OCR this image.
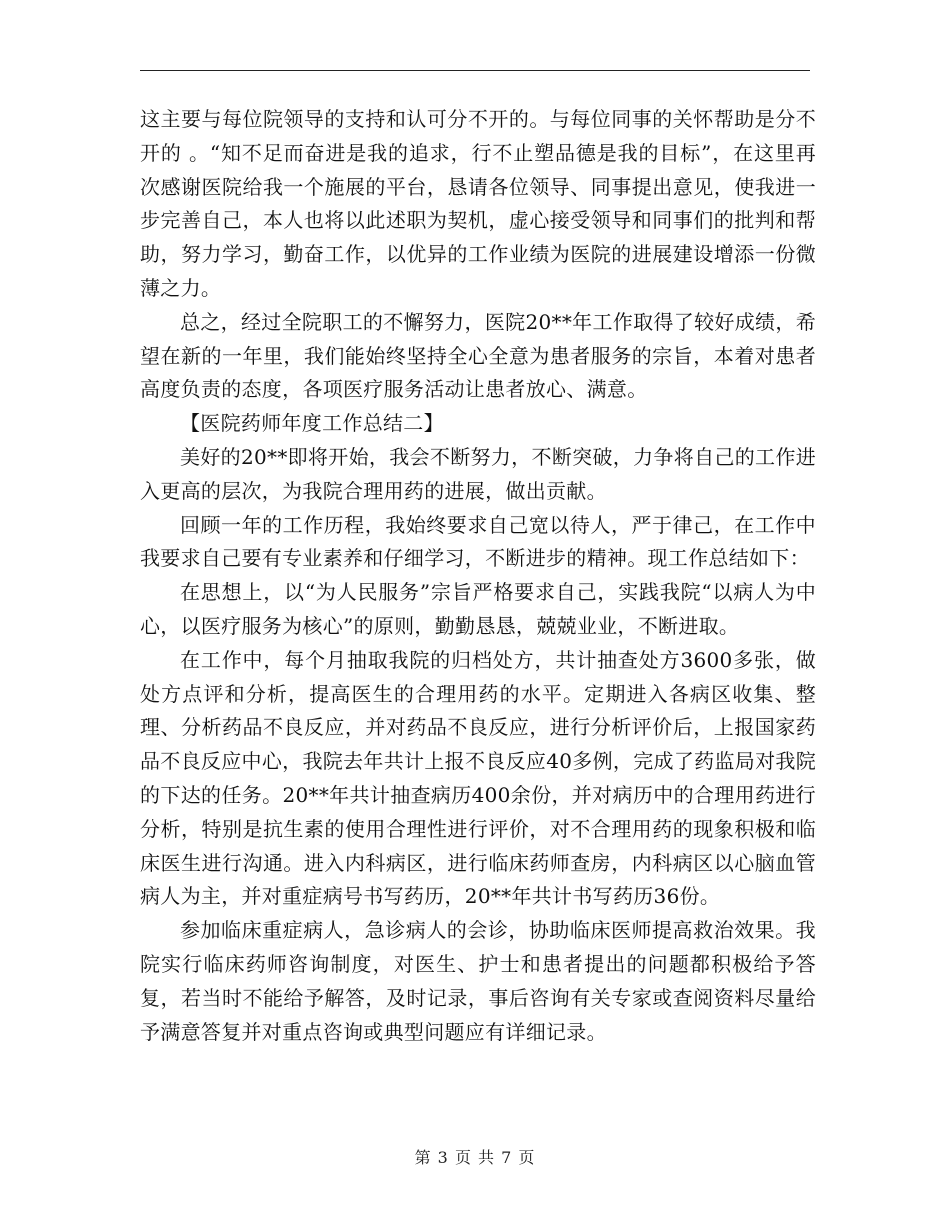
这主要与每位院领导的支持和认可分不开的。与每位同事的关怀帮助是分不开的 。“知不足而奋进是我的追求，行不止塑品德是我的目标”，在这里再次感谢医院给我一个施展的平台，恳请各位领导、同事提出意见，使我进一步完善自己，本人也将以此述职为契机，虚心接受领导和同事们的批判和帮助，努力学习，勤奋工作，以优异的工作业绩为医院的进展建设增添一份微薄之力。

总之，经过全院职工的不懈努力，医院20**年工作取得了较好成绩，希望在新的一年里，我们能始终坚持全心全意为患者服务的宗旨，本着对患者高度负责的态度，各项医疗服务活动让患者放心、满意。

【医院药师年度工作总结二】

美好的20**即将开始，我会不断努力，不断突破，力争将自己的工作进入更高的层次，为我院合理用药的进展，做出贡献。

回顾一年的工作历程，我始终要求自己宽以待人，严于律己，在工作中我要求自己要有专业素养和仔细学习，不断进步的精神。现工作总结如下：

在思想上，以“为人民服务”宗旨严格要求自己，实践我院“以病人为中心，以医疗服务为核心”的原则，勤勤恳恳，兢兢业业，不断进取。

在工作中，每个月抽取我院的归档处方，共计抽查处方3600多张，做处方点评和分析，提高医生的合理用药的水平。定期进入各病区收集、整理、分析药品不良反应，并对药品不良反应，进行分析评价后，上报国家药品不良反应中心，我院去年共计上报不良反应40多例，完成了药监局对我院的下达的任务。20**年共计抽查病历400余份，并对病历中的合理用药进行分析，特别是抗生素的使用合理性进行评价，对不合理用药的现象积极和临床医生进行沟通。进入内科病区，进行临床药师查房，内科病区以心脑血管病人为主，并对重症病号书写药历，20**年共计书写药历36份。

参加临床重症病人，急诊病人的会诊，协助临床医师提高救治效果。我院实行临床药师咨询制度，对医生、护士和患者提出的问题都积极给予答复，若当时不能给予解答，及时记录，事后咨询有关专家或查阅资料尽量给予满意答复并对重点咨询或典型问题应有详细记录。

第 3 页 共 7 页
